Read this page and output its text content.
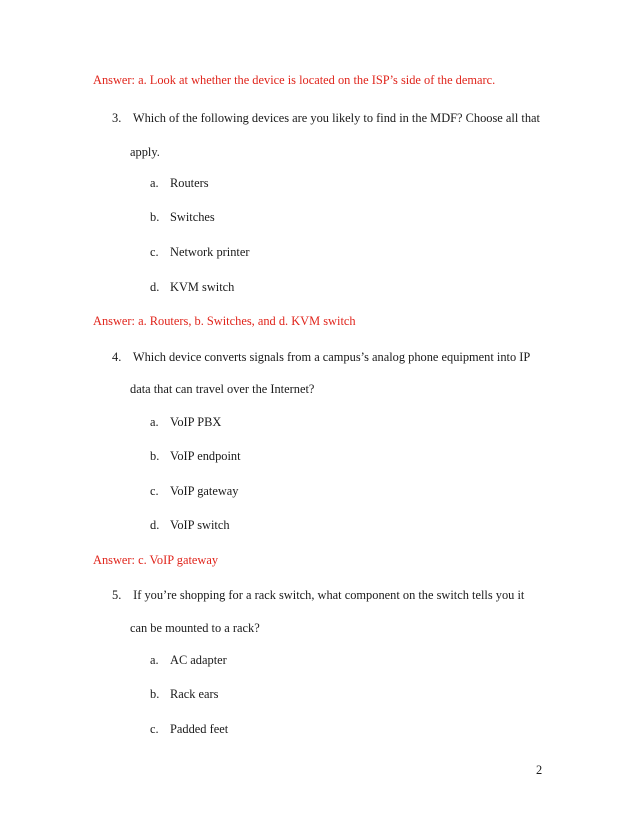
Answer: a. Look at whether the device is located on the ISP’s side of the demarc.
3. Which of the following devices are you likely to find in the MDF? Choose all that
apply.
a. Routers
b. Switches
c. Network printer
d. KVM switch
Answer: a. Routers, b. Switches, and d. KVM switch
4. Which device converts signals from a campus’s analog phone equipment into IP
data that can travel over the Internet?
a. VoIP PBX
b. VoIP endpoint
c. VoIP gateway
d. VoIP switch
Answer: c. VoIP gateway
5. If you’re shopping for a rack switch, what component on the switch tells you it
can be mounted to a rack?
a. AC adapter
b. Rack ears
c. Padded feet
2
